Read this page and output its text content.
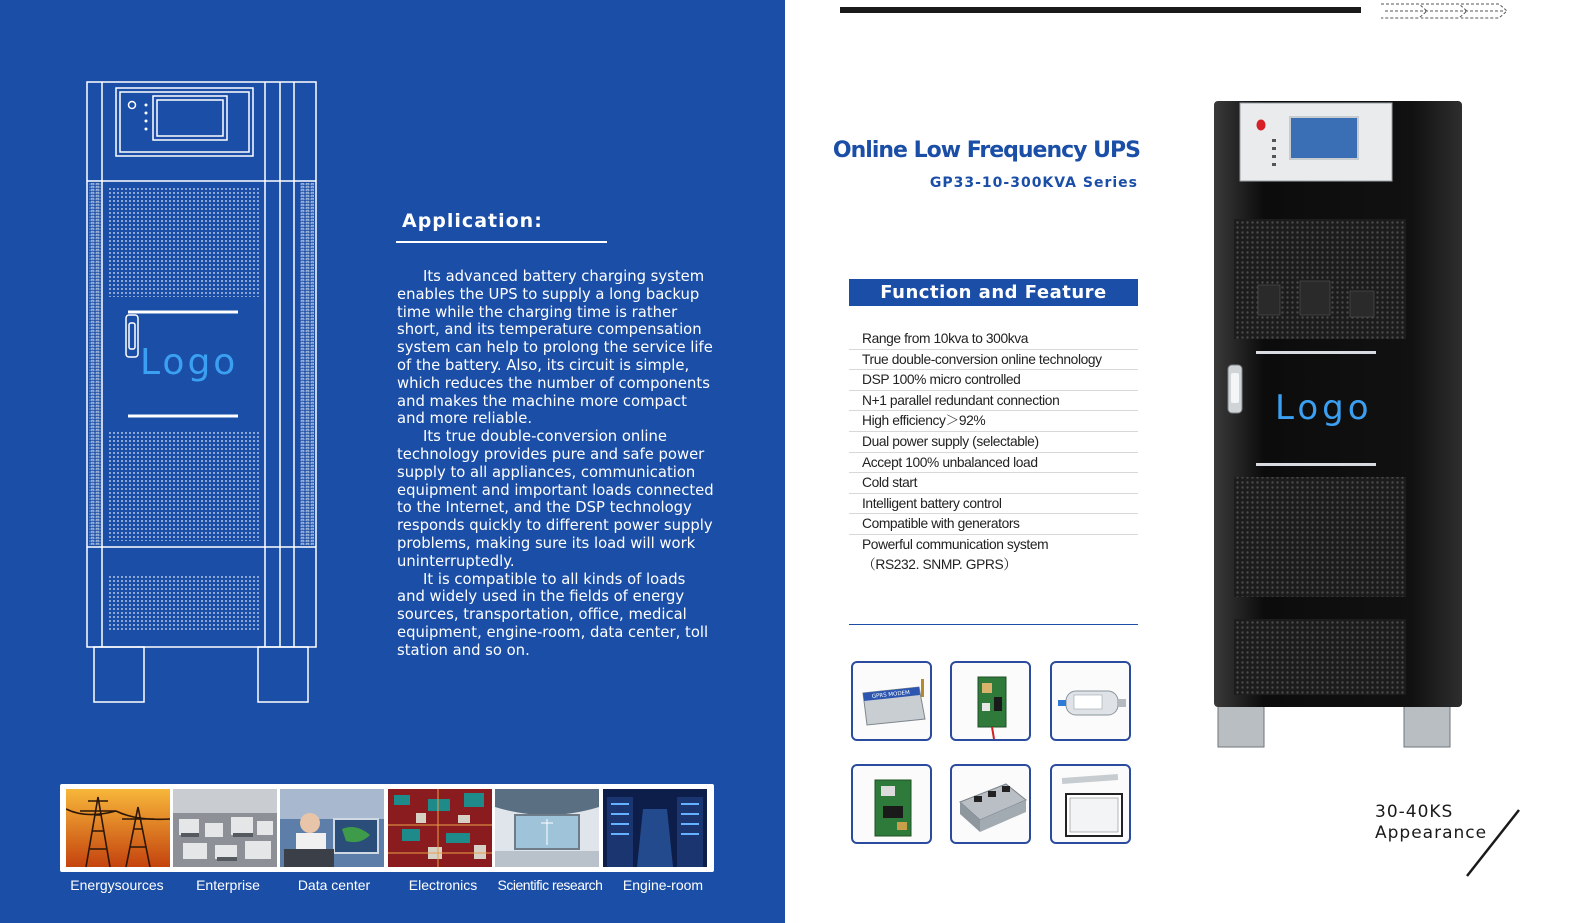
Logo
Application:

Its advanced battery charging system enables the UPS to supply a long backup time while the charging time is rather short, and its temperature compensation system can help to prolong the service life of the battery. Also, its circuit is simple, which reduces the number of components and makes the machine more compact and more reliable.

Its true double-conversion online technology provides pure and safe power supply to all appliances, communication equipment and important loads connected to the Internet, and the DSP technology responds quickly to different power supply problems, making sure its load will work uninterruptedly.

It is compatible to all kinds of loads and widely used in the fields of energy sources, transportation, office, medical equipment, engine-room, data center, toll station and so on.

Energysources	Enterprise	Data center	Electronics	Scientific research	Engine-room
Online Low Frequency UPS
GP33-10-300KVA Series
Function and Feature
Range from 10kva to 300kva
True double-conversion online technology
DSP 100% micro controlled
N+1 parallel redundant connection
High efficiency＞92%
Dual power supply (selectable)
Accept 100% unbalanced load
Cold start
Intelligent battery control
Compatible with generators
Powerful communication system
（RS232. SNMP. GPRS）
GPRS MODEM
Logo
30-40KS
Appearance
